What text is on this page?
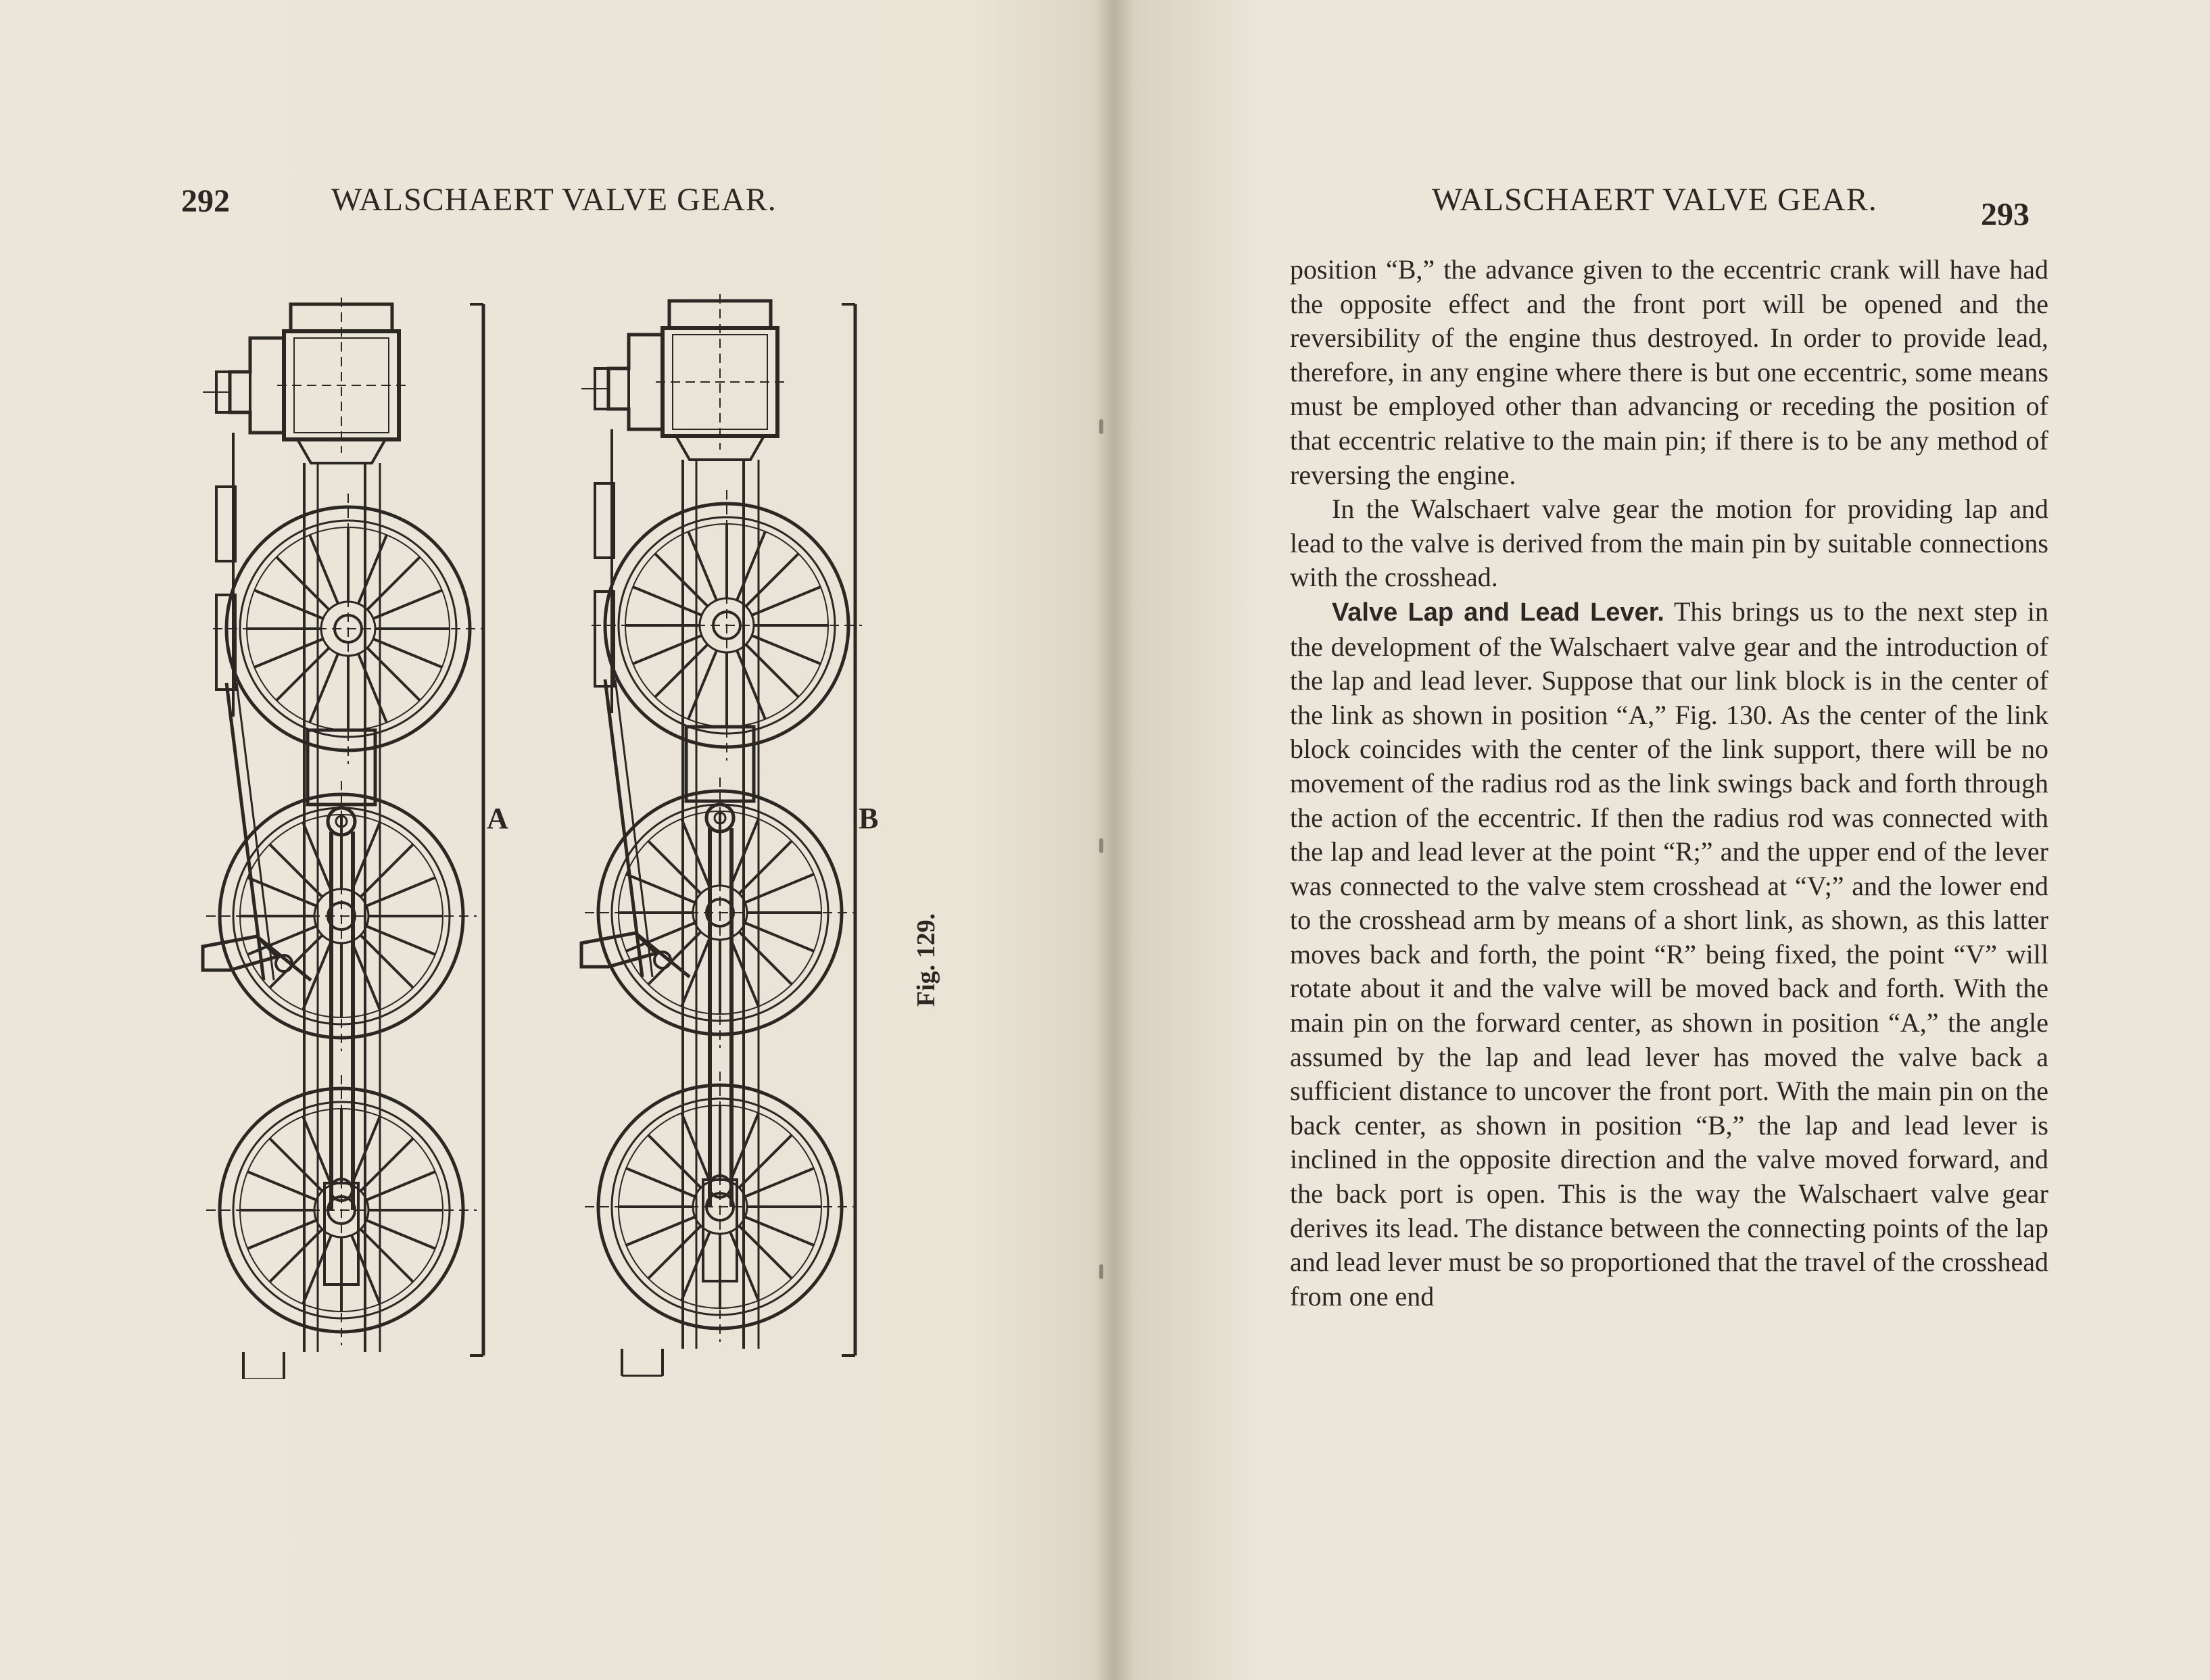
292	WALSCHAERT VALVE GEAR.
A	B
Fig. 129.
WALSCHAERT VALVE GEAR.	293

position “B,” the advance given to the eccentric crank will have had the opposite effect and the front port will be opened and the reversibility of the engine thus destroyed. In order to provide lead, therefore, in any engine where there is but one eccentric, some means must be employed other than advancing or receding the position of that eccentric relative to the main pin; if there is to be any method of reversing the engine.

In the Walschaert valve gear the motion for providing lap and lead to the valve is derived from the main pin by suitable connections with the crosshead.

Valve Lap and Lead Lever. This brings us to the next step in the development of the Walschaert valve gear and the introduction of the lap and lead lever. Suppose that our link block is in the center of the link as shown in position “A,” Fig. 130. As the center of the link block coincides with the center of the link support, there will be no movement of the radius rod as the link swings back and forth through the action of the eccentric. If then the radius rod was connected with the lap and lead lever at the point “R;” and the upper end of the lever was connected to the valve stem crosshead at “V;” and the lower end to the crosshead arm by means of a short link, as shown, as this latter moves back and forth, the point “R” being fixed, the point “V” will rotate about it and the valve will be moved back and forth. With the main pin on the forward center, as shown in position “A,” the angle assumed by the lap and lead lever has moved the valve back a sufficient distance to uncover the front port. With the main pin on the back center, as shown in position “B,” the lap and lead lever is inclined in the opposite direction and the valve moved forward, and the back port is open. This is the way the Walschaert valve gear derives its lead. The distance between the connecting points of the lap and lead lever must be so proportioned that the travel of the crosshead from one end
